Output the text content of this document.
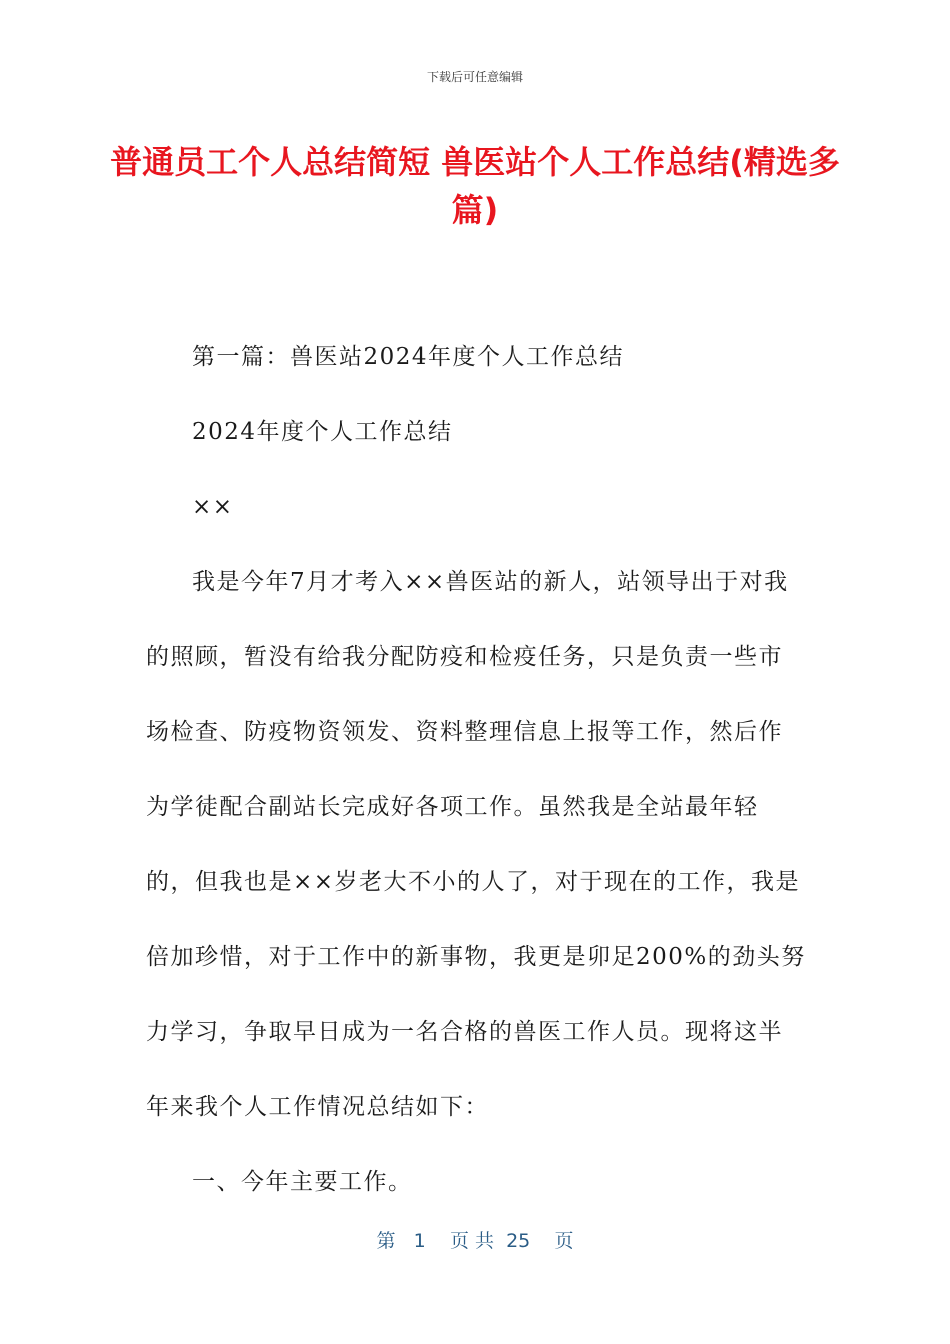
下载后可任意编辑
普通员工个人总结简短 兽医站个人工作总结(精选多篇)

第一篇：兽医站2024年度个人工作总结

2024年度个人工作总结

××

我是今年7月才考入××兽医站的新人，站领导出于对我的照顾，暂没有给我分配防疫和检疫任务，只是负责一些市场检查、防疫物资领发、资料整理信息上报等工作，然后作为学徒配合副站长完成好各项工作。虽然我是全站最年轻的，但我也是××岁老大不小的人了，对于现在的工作，我是倍加珍惜，对于工作中的新事物，我更是卯足200%的劲头努力学习，争取早日成为一名合格的兽医工作人员。现将这半年来我个人工作情况总结如下：

一、今年主要工作。

第 1 页 共 25 页
